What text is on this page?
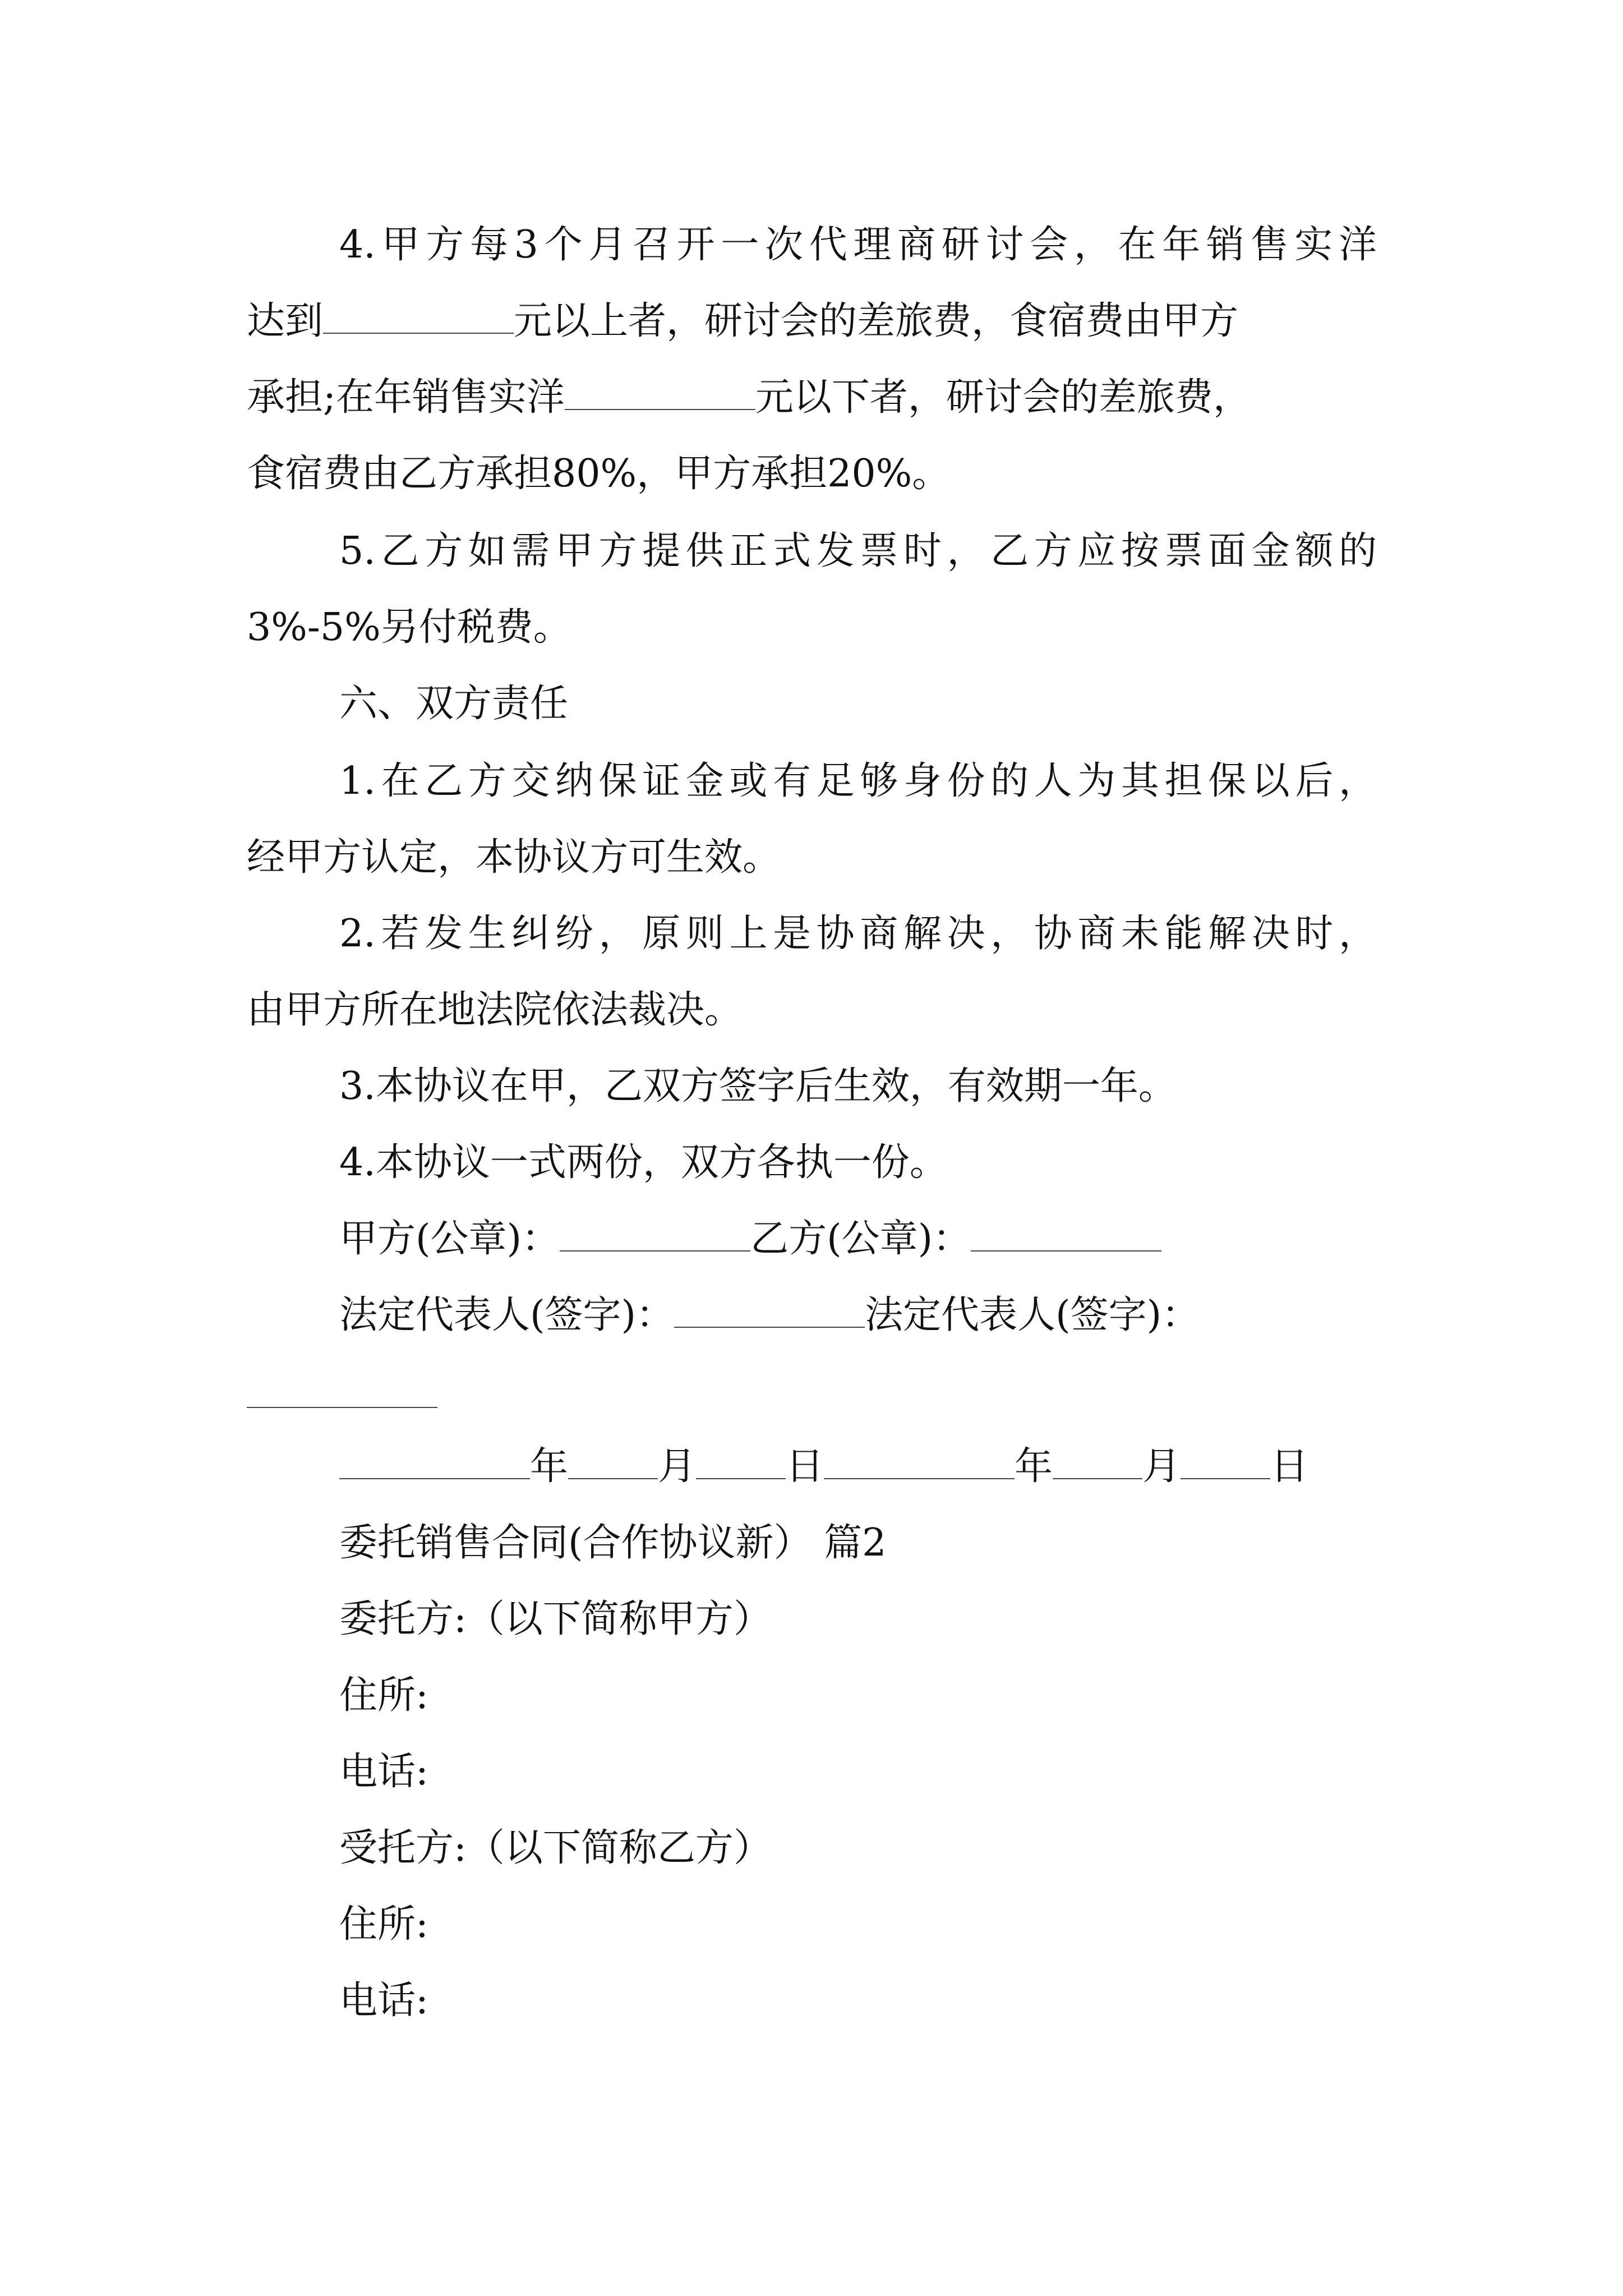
4.甲方每3个月召开一次代理商研讨会，在年销售实洋
达到	元以上者，研讨会的差旅费，食宿费由甲方
承担;在年销售实洋	元以下者，研讨会的差旅费，
食宿费由乙方承担80%，甲方承担20%。
5.乙方如需甲方提供正式发票时，乙方应按票面金额的
3%-5%另付税费。
六、双方责任
1.在乙方交纳保证金或有足够身份的人为其担保以后，
经甲方认定，本协议方可生效。
2.若发生纠纷，原则上是协商解决，协商未能解决时，
由甲方所在地法院依法裁决。
3.本协议在甲，乙双方签字后生效，有效期一年。
4.本协议一式两份，双方各执一份。
甲方(公章)：	乙方(公章)：
法定代表人(签字)：	法定代表人(签字)：
年 月 日	年 月 日
委托销售合同(合作协议新） 篇2
委托方:（以下简称甲方）
住所:
电话:
受托方:（以下简称乙方）
住所:
电话:
